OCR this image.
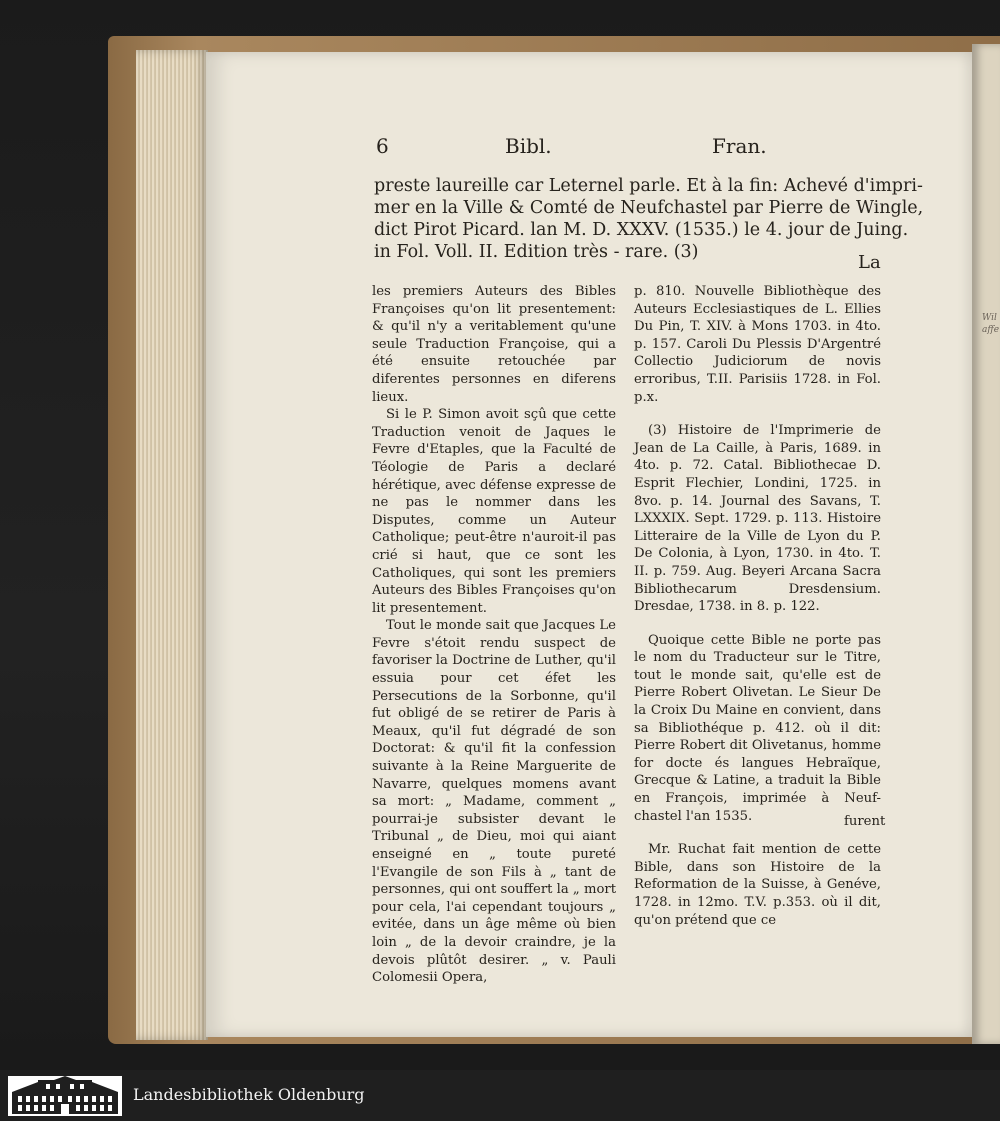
Wil
affe
6	Bibl.	Fran.
preste laureille car Leternel parle. Et à la fin: Achevé d'impri-
mer en la Ville & Comté de Neufchastel par Pierre de Wingle,
dict Pirot Picard. lan M. D. XXXV. (1535.) le 4. jour de Juing.
in Fol. Voll. II. Edition très - rare. (3)	La

les premiers Auteurs des Bibles Françoises qu'on lit presentement: & qu'il n'y a veritablement qu'une seule Traduction Françoise, qui a été ensuite retouchée par diferentes personnes en diferens lieux.

Si le P. Simon avoit sçû que cette Traduction venoit de Jaques le Fevre d'Etaples, que la Faculté de Téologie de Paris a declaré hérétique, avec défense expresse de ne pas le nommer dans les Disputes, comme un Auteur Catholique; peut-être n'auroit-il pas crié si haut, que ce sont les Catholiques, qui sont les premiers Auteurs des Bibles Françoises qu'on lit presentement.

Tout le monde sait que Jacques Le Fevre s'étoit rendu suspect de favoriser la Doctrine de Luther, qu'il essuia pour cet éfet les Persecutions de la Sorbonne, qu'il fut obligé de se retirer de Paris à Meaux, qu'il fut dégradé de son Doctorat: & qu'il fit la confession suivante à la Reine Marguerite de Navarre, quelques momens avant sa mort: „ Madame, comment „ pourrai-je subsister devant le Tribunal „ de Dieu, moi qui aiant enseigné en „ toute pureté l'Evangile de son Fils à „ tant de personnes, qui ont souffert la „ mort pour cela, l'ai cependant toujours „ evitée, dans un âge même où bien loin „ de la devoir craindre, je la devois plûtôt desirer. „ v. Pauli Colomesii Opera,

p. 810. Nouvelle Bibliothèque des Auteurs Ecclesiastiques de L. Ellies Du Pin, T. XIV. à Mons 1703. in 4to. p. 157. Caroli Du Plessis D'Argentré Collectio Judiciorum de novis erroribus, T.II. Parisiis 1728. in Fol. p.x.

(3) Histoire de l'Imprimerie de Jean de La Caille, à Paris, 1689. in 4to. p. 72. Catal. Bibliothecae D. Esprit Flechier, Londini, 1725. in 8vo. p. 14. Journal des Savans, T. LXXXIX. Sept. 1729. p. 113. Histoire Litteraire de la Ville de Lyon du P. De Colonia, à Lyon, 1730. in 4to. T. II. p. 759. Aug. Beyeri Arcana Sacra Bibliothecarum Dresdensium. Dresdae, 1738. in 8. p. 122.

Quoique cette Bible ne porte pas le nom du Traducteur sur le Titre, tout le monde sait, qu'elle est de Pierre Robert Olivetan. Le Sieur De la Croix Du Maine en convient, dans sa Bibliothéque p. 412. où il dit: Pierre Robert dit Olivetanus, homme for docte és langues Hebraïque, Grecque & Latine, a traduit la Bible en François, imprimée à Neuf-chastel l'an 1535.

Mr. Ruchat fait mention de cette Bible, dans son Histoire de la Reformation de la Suisse, à Genéve, 1728. in 12mo. T.V. p.353. où il dit, qu'on prétend que ce

furent
Landesbibliothek Oldenburg
